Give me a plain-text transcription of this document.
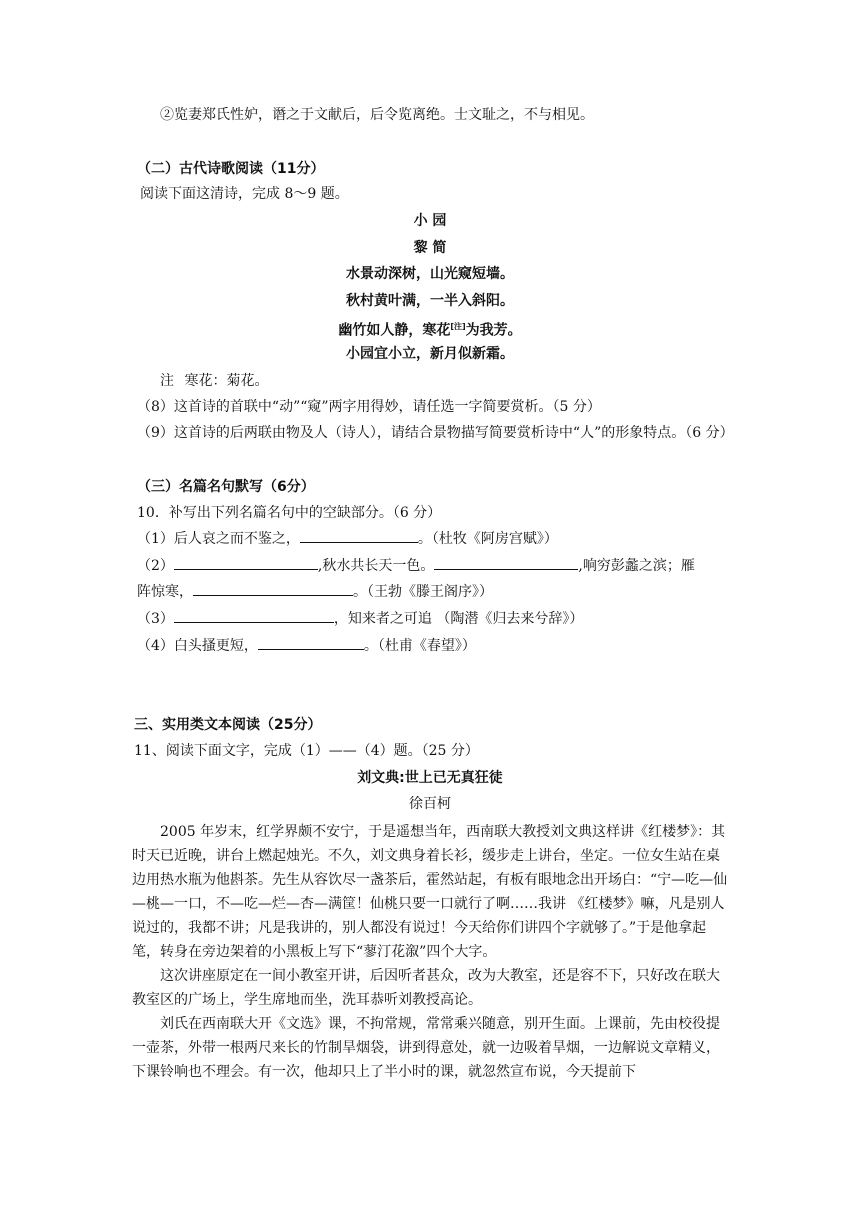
②览妻郑氏性妒，谮之于文献后，后令览离绝。士文耻之，不与相见。
（二）古代诗歌阅读（11分）
阅读下面这清诗，完成 8～9 题。
小 园
黎 简
水景动深树，山光窥短墙。
秋村黄叶满，一半入斜阳。
幽竹如人静，寒花[注]为我芳。
小园宜小立，新月似新霜。
注 寒花：菊花。
（8）这首诗的首联中“动”“窥”两字用得妙，请任选一字简要赏析。（5 分）
（9）这首诗的后两联由物及人（诗人），请结合景物描写简要赏析诗中“人”的形象特点。（6 分）
（三）名篇名句默写（6分）
10．补写出下列名篇名句中的空缺部分。（6 分）
（1）后人哀之而不鉴之，	。（杜牧《阿房宫赋》）
（2）	,秋水共长天一色。	,响穷彭蠡之滨；雁
阵惊寒，	。（王勃《滕王阁序》）
（3）	，知来者之可追 （陶潜《归去来兮辞》）
（4）白头搔更短，	。（杜甫《春望》）
三、实用类文本阅读（25分）
11、阅读下面文字，完成（1）——（4）题。（25 分）
刘文典:世上已无真狂徒
徐百柯

2005 年岁末，红学界颇不安宁，于是遥想当年，西南联大教授刘文典这样讲《红楼梦》：其时天已近晚，讲台上燃起烛光。不久，刘文典身着长衫，缓步走上讲台，坐定。一位女生站在桌边用热水瓶为他斟茶。先生从容饮尽一盏茶后，霍然站起，有板有眼地念出开场白：“宁—吃—仙—桃—一口，不—吃—烂—杏—满筐！仙桃只要一口就行了啊……我讲 《红楼梦》嘛，凡是别人说过的，我都不讲；凡是我讲的，别人都没有说过！今天给你们讲四个字就够了。”于是他拿起笔，转身在旁边架着的小黑板上写下“蓼汀花溆”四个大字。

这次讲座原定在一间小教室开讲，后因听者甚众，改为大教室，还是容不下，只好改在联大教室区的广场上，学生席地而坐，洗耳恭听刘教授高论。

刘氏在西南联大开《文选》课，不拘常规，常常乘兴随意，别开生面。上课前，先由校役提一壶茶，外带一根两尺来长的竹制旱烟袋，讲到得意处，就一边吸着旱烟，一边解说文章精义，下课铃响也不理会。有一次，他却只上了半小时的课，就忽然宣布说，今天提前下
